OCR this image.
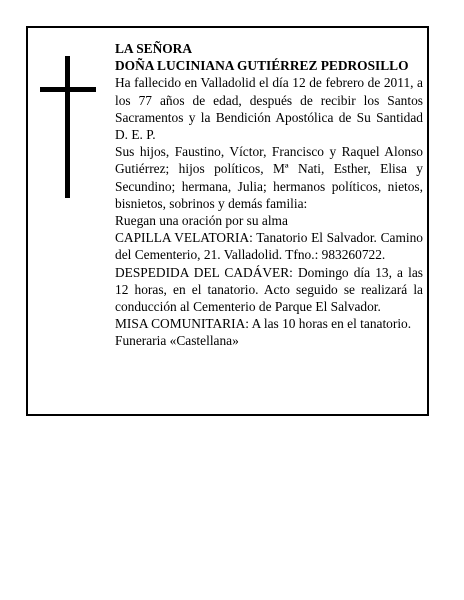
LA SEÑORA

DOÑA LUCINIANA GUTIÉRREZ PEDROSILLO

Ha fallecido en Valladolid el día 12 de febrero de 2011, a los 77 años de edad, después de recibir los Santos Sacramentos y la Bendición Apostólica de Su Santidad D. E. P.

Sus hijos, Faustino, Víctor, Francisco y Raquel Alonso Gutiérrez; hijos políticos, Mª Nati, Esther, Elisa y Secundino; hermana, Julia; hermanos políticos, nietos, bisnietos, sobrinos y demás familia:

Ruegan una oración por su alma

CAPILLA VELATORIA: Tanatorio El Salvador. Camino del Cementerio, 21. Valladolid. Tfno.: 983260722.

DESPEDIDA DEL CADÁVER: Domingo día 13, a las 12 horas, en el tanatorio. Acto seguido se realizará la conducción al Cementerio de Parque El Salvador.

MISA COMUNITARIA: A las 10 horas en el tanatorio.

Funeraria «Castellana»
